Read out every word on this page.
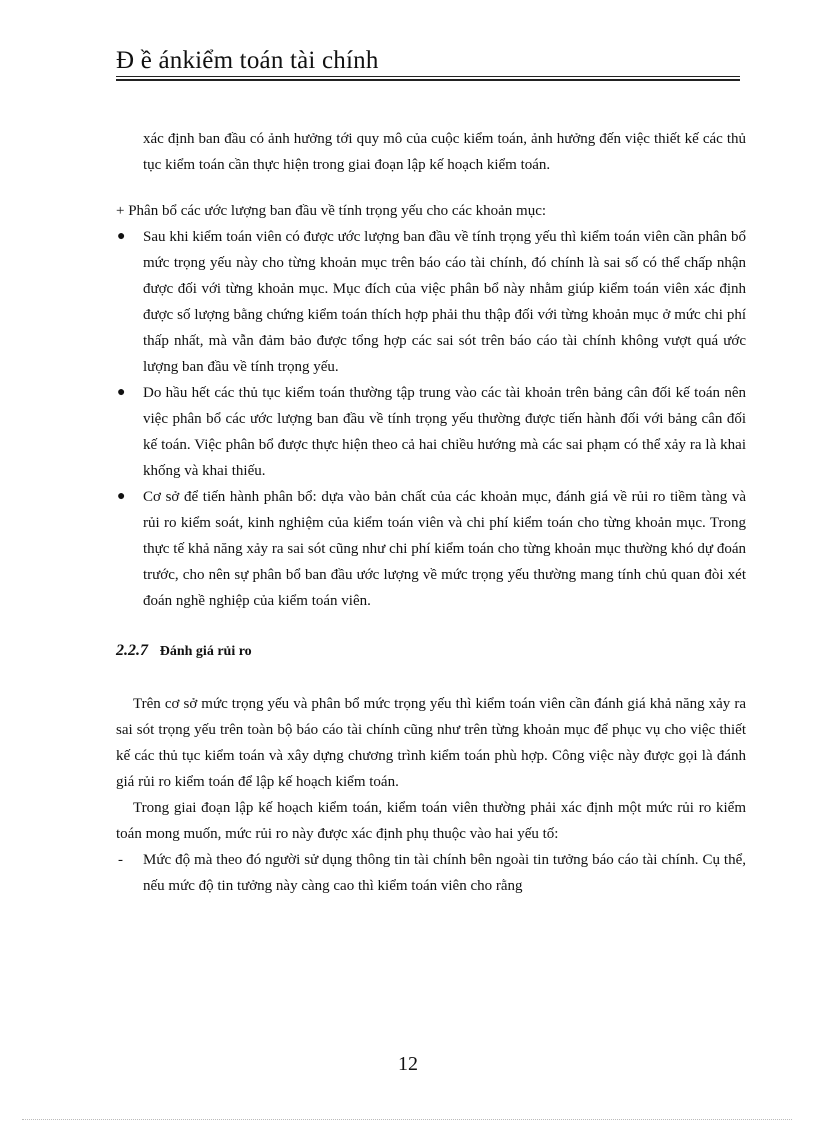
Đ ề ánkiểm toán tài chính

xác định ban đầu có ảnh hưởng tới quy mô của cuộc kiểm toán, ảnh hưởng đến việc thiết kế các thủ tục kiểm toán cần thực hiện trong giai đoạn lập kế hoạch kiểm toán.

+ Phân bổ các ước lượng ban đầu về tính trọng yếu cho các khoản mục:

● Sau khi kiểm toán viên có được ước lượng ban đầu về tính trọng yếu thì kiểm toán viên cần phân bổ mức trọng yếu này cho từng khoản mục trên báo cáo tài chính, đó chính là sai số có thể chấp nhận được đối với từng khoản mục. Mục đích của việc phân bổ này nhằm giúp kiểm toán viên xác định được số lượng bằng chứng kiểm toán thích hợp phải thu thập đối với từng khoản mục ở mức chi phí thấp nhất, mà vẫn đảm bảo được tổng hợp các sai sót trên báo cáo tài chính không vượt quá ước lượng ban đầu về tính trọng yếu.
● Do hầu hết các thủ tục kiểm toán thường tập trung vào các tài khoản trên bảng cân đối kế toán nên việc phân bổ các ước lượng ban đầu về tính trọng yếu thường được tiến hành đối với bảng cân đối kế toán. Việc phân bổ được thực hiện theo cả hai chiều hướng mà các sai phạm có thể xảy ra là khai khống và khai thiếu.
● Cơ sở để tiến hành phân bổ: dựa vào bản chất của các khoản mục, đánh giá về rủi ro tiềm tàng và rủi ro kiểm soát, kinh nghiệm của kiểm toán viên và chi phí kiểm toán cho từng khoản mục. Trong thực tế khả năng xảy ra sai sót cũng như chi phí kiểm toán cho từng khoản mục thường khó dự đoán trước, cho nên sự phân bổ ban đầu ước lượng về mức trọng yếu thường mang tính chủ quan đòi xét đoán nghề nghiệp của kiểm toán viên.
2.2.7 Đánh giá rủi ro

Trên cơ sở mức trọng yếu và phân bổ mức trọng yếu thì kiểm toán viên cần đánh giá khả năng xảy ra sai sót trọng yếu trên toàn bộ báo cáo tài chính cũng như trên từng khoản mục để phục vụ cho việc thiết kế các thủ tục kiểm toán và xây dựng chương trình kiểm toán phù hợp. Công việc này được gọi là đánh giá rủi ro kiểm toán để lập kế hoạch kiểm toán.

Trong giai đoạn lập kế hoạch kiểm toán, kiểm toán viên thường phải xác định một mức rủi ro kiểm toán mong muốn, mức rủi ro này được xác định phụ thuộc vào hai yếu tố:

- Mức độ mà theo đó người sử dụng thông tin tài chính bên ngoài tin tưởng báo cáo tài chính. Cụ thể, nếu mức độ tin tưởng này càng cao thì kiểm toán viên cho rằng
12
